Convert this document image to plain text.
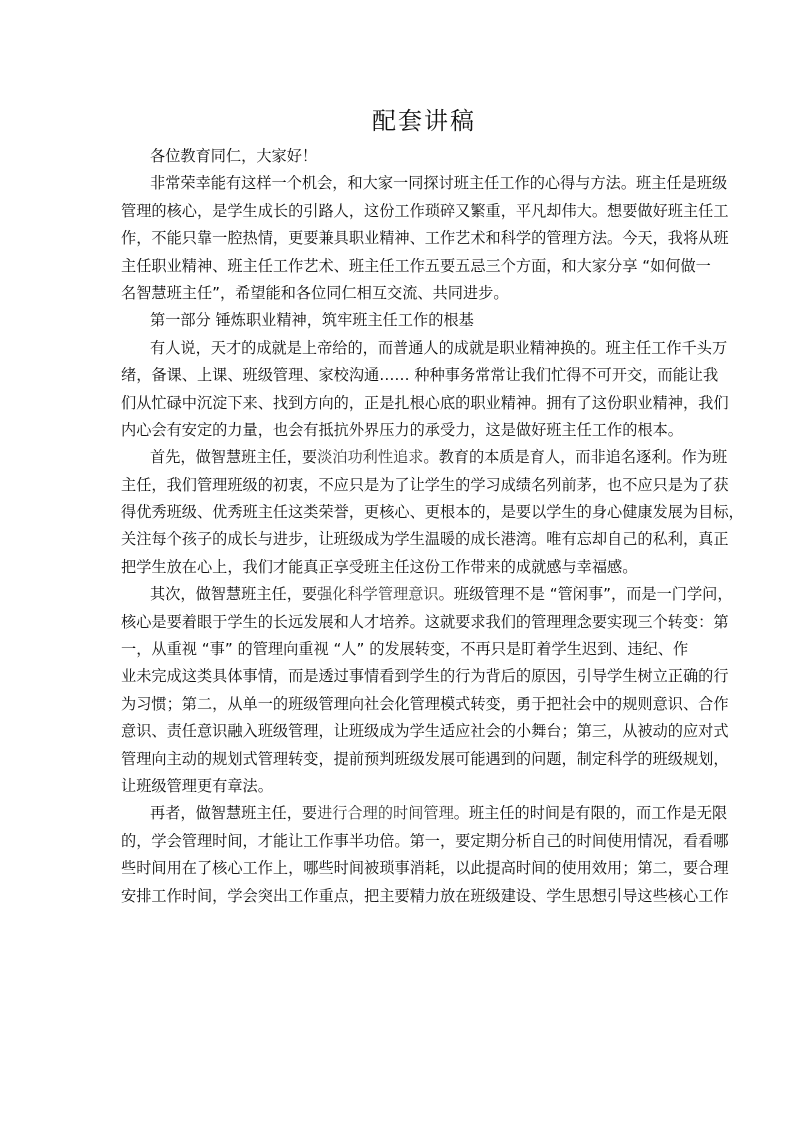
配套讲稿
各位教育同仁，大家好！
非常荣幸能有这样一个机会，和大家一同探讨班主任工作的心得与方法。班主任是班级
管理的核心，是学生成长的引路人，这份工作琐碎又繁重，平凡却伟大。想要做好班主任工
作，不能只靠一腔热情，更要兼具职业精神、工作艺术和科学的管理方法。今天，我将从班
主任职业精神、班主任工作艺术、班主任工作五要五忌三个方面，和大家分享 “如何做一
名智慧班主任”，希望能和各位同仁相互交流、共同进步。
第一部分 锤炼职业精神，筑牢班主任工作的根基
有人说，天才的成就是上帝给的，而普通人的成就是职业精神换的。班主任工作千头万
绪，备课、上课、班级管理、家校沟通…… 种种事务常常让我们忙得不可开交，而能让我
们从忙碌中沉淀下来、找到方向的，正是扎根心底的职业精神。拥有了这份职业精神，我们
内心会有安定的力量，也会有抵抗外界压力的承受力，这是做好班主任工作的根本。
首先，做智慧班主任，要淡泊功利性追求。教育的本质是育人，而非追名逐利。作为班
主任，我们管理班级的初衷，不应只是为了让学生的学习成绩名列前茅，也不应只是为了获
得优秀班级、优秀班主任这类荣誉，更核心、更根本的，是要以学生的身心健康发展为目标，
关注每个孩子的成长与进步，让班级成为学生温暖的成长港湾。唯有忘却自己的私利，真正
把学生放在心上，我们才能真正享受班主任这份工作带来的成就感与幸福感。
其次，做智慧班主任，要强化科学管理意识。班级管理不是 “管闲事”，而是一门学问，
核心是要着眼于学生的长远发展和人才培养。这就要求我们的管理理念要实现三个转变：第
一，从重视 “事” 的管理向重视 “人” 的发展转变，不再只是盯着学生迟到、违纪、作
业未完成这类具体事情，而是透过事情看到学生的行为背后的原因，引导学生树立正确的行
为习惯；第二，从单一的班级管理向社会化管理模式转变，勇于把社会中的规则意识、合作
意识、责任意识融入班级管理，让班级成为学生适应社会的小舞台；第三，从被动的应对式
管理向主动的规划式管理转变，提前预判班级发展可能遇到的问题，制定科学的班级规划，
让班级管理更有章法。
再者，做智慧班主任，要进行合理的时间管理。班主任的时间是有限的，而工作是无限
的，学会管理时间，才能让工作事半功倍。第一，要定期分析自己的时间使用情况，看看哪
些时间用在了核心工作上，哪些时间被琐事消耗，以此提高时间的使用效用；第二，要合理
安排工作时间，学会突出工作重点，把主要精力放在班级建设、学生思想引导这些核心工作
